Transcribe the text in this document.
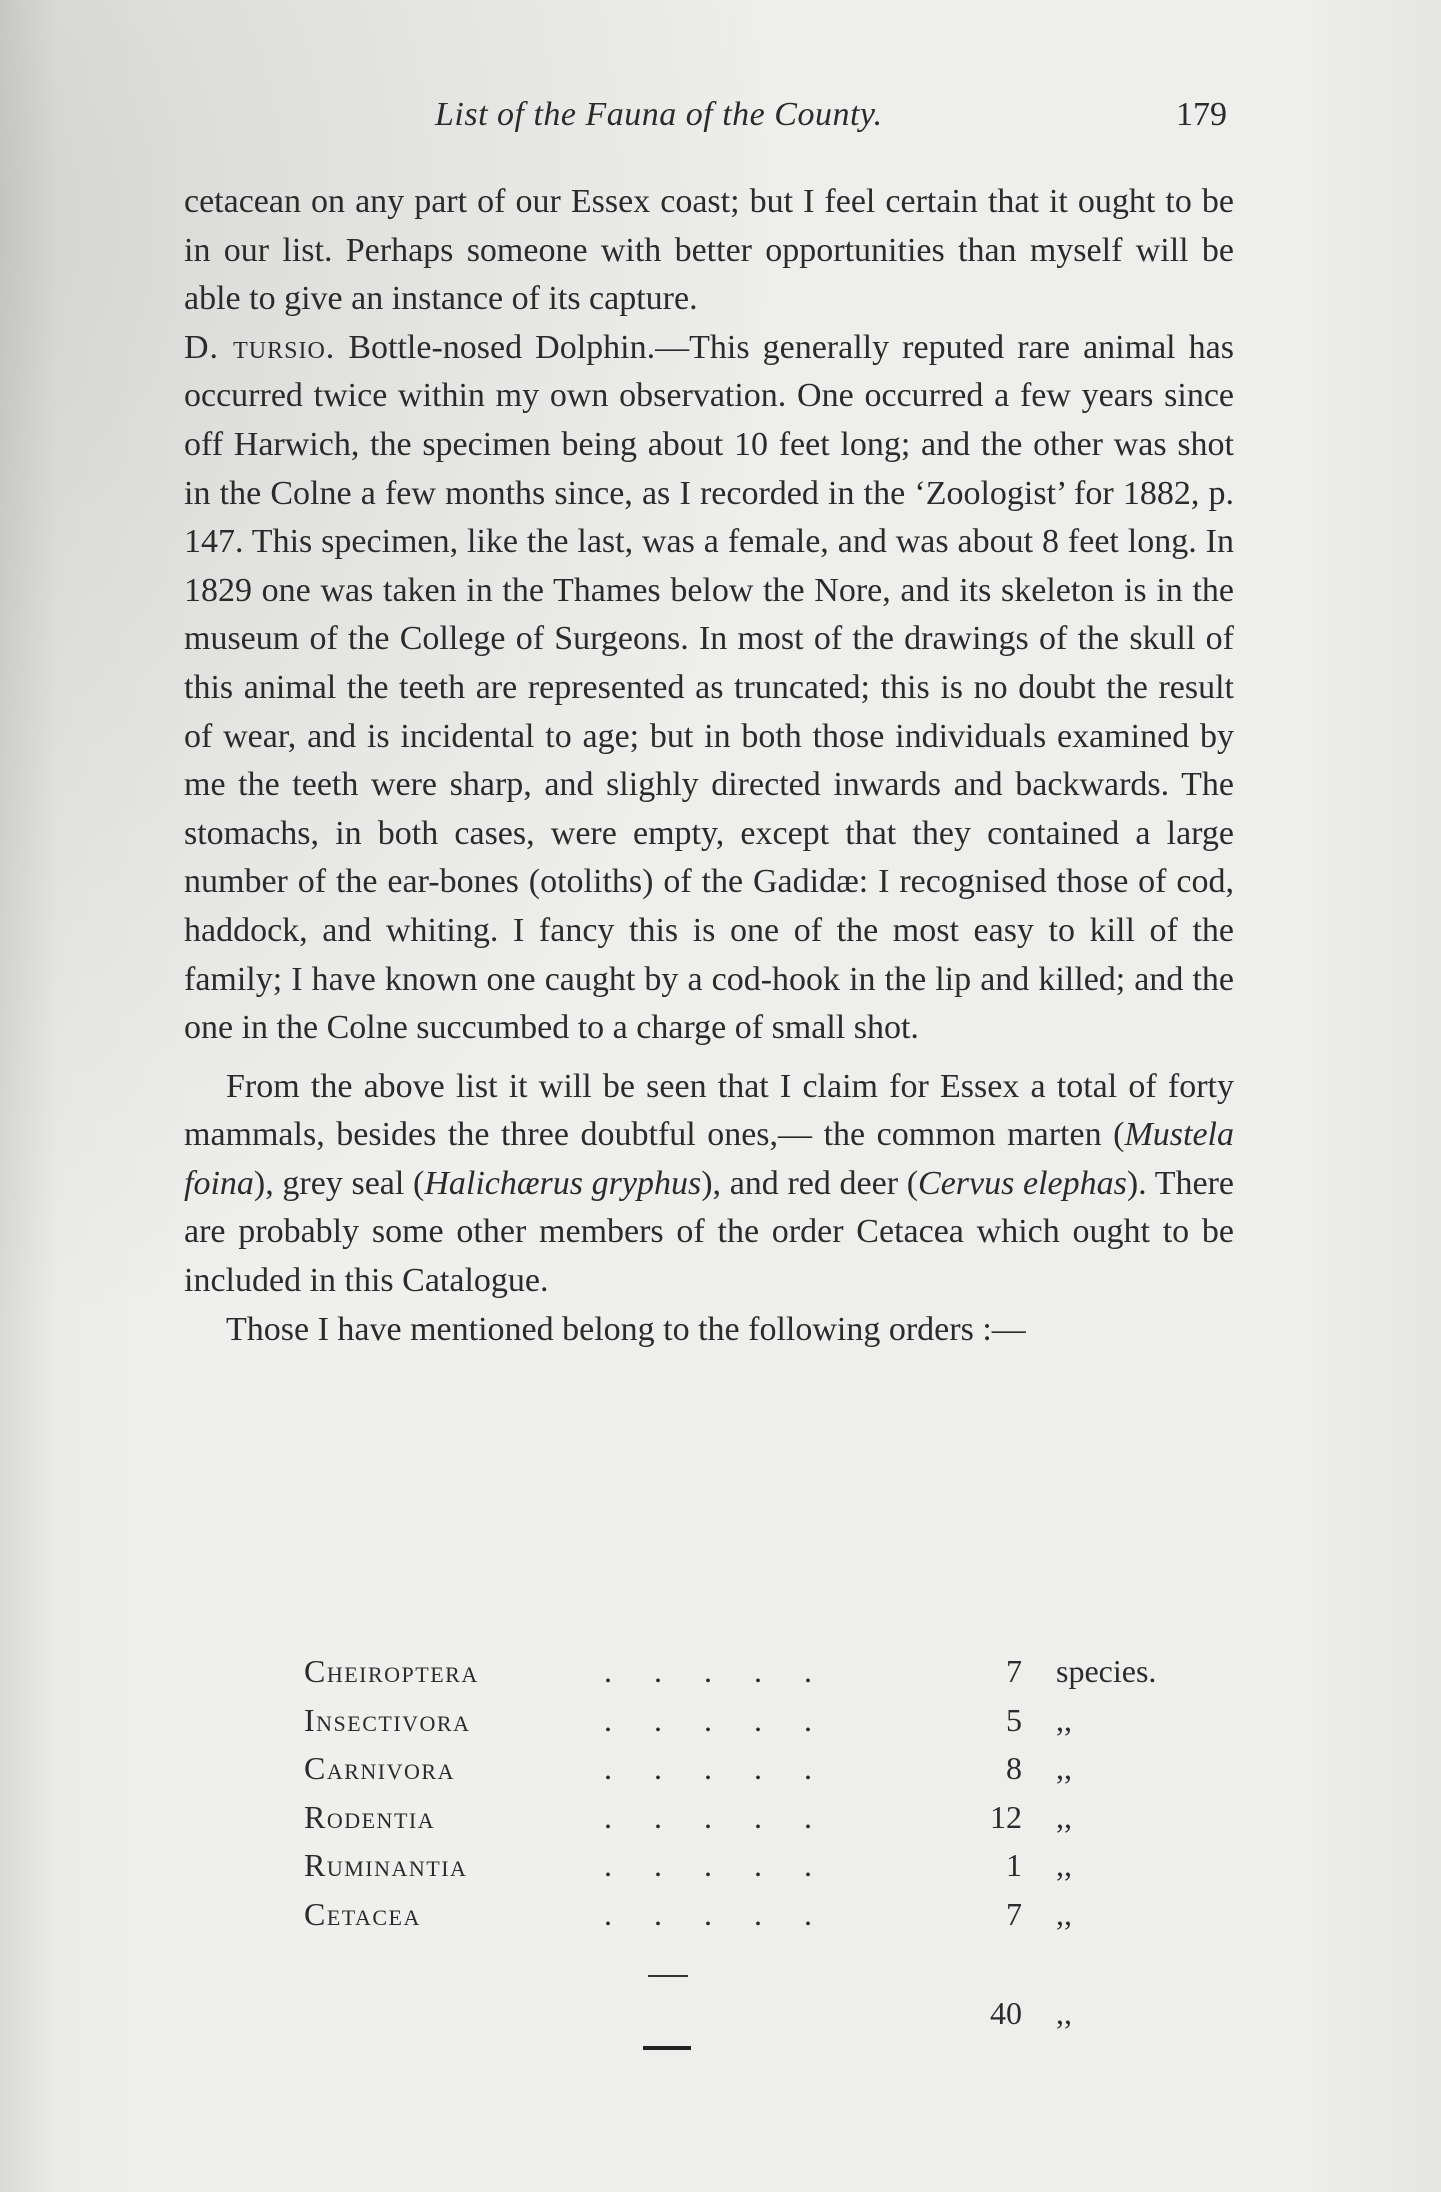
List of the Fauna of the County.	179

cetacean on any part of our Essex coast; but I feel certain that it ought to be in our list. Perhaps someone with better opportunities than myself will be able to give an instance of its capture.

D. tursio. Bottle-nosed Dolphin.—This generally reputed rare animal has occurred twice within my own observation. One occurred a few years since off Harwich, the specimen being about 10 feet long; and the other was shot in the Colne a few months since, as I recorded in the ‘Zoologist’ for 1882, p. 147. This specimen, like the last, was a female, and was about 8 feet long. In 1829 one was taken in the Thames below the Nore, and its skeleton is in the museum of the College of Surgeons. In most of the drawings of the skull of this animal the teeth are represented as truncated; this is no doubt the result of wear, and is incidental to age; but in both those individuals examined by me the teeth were sharp, and slighly directed inwards and backwards. The stomachs, in both cases, were empty, except that they contained a large number of the ear-bones (otoliths) of the Gadidæ: I recognised those of cod, haddock, and whiting. I fancy this is one of the most easy to kill of the family; I have known one caught by a cod-hook in the lip and killed; and the one in the Colne succumbed to a charge of small shot.

From the above list it will be seen that I claim for Essex a total of forty mammals, besides the three doubtful ones,— the common marten (Mustela foina), grey seal (Halichærus gryphus), and red deer (Cervus elephas). There are probably some other members of the order Cetacea which ought to be included in this Catalogue.

Those I have mentioned belong to the following orders :—

Cheiroptera	.....	7 species.
Insectivora	.....	5 ,,
Carnivora	.....	8 ,,
Rodentia	.....	12 ,,
Ruminantia	.....	1 ,,
Cetacea	.....	7 ,,
40 ,,
